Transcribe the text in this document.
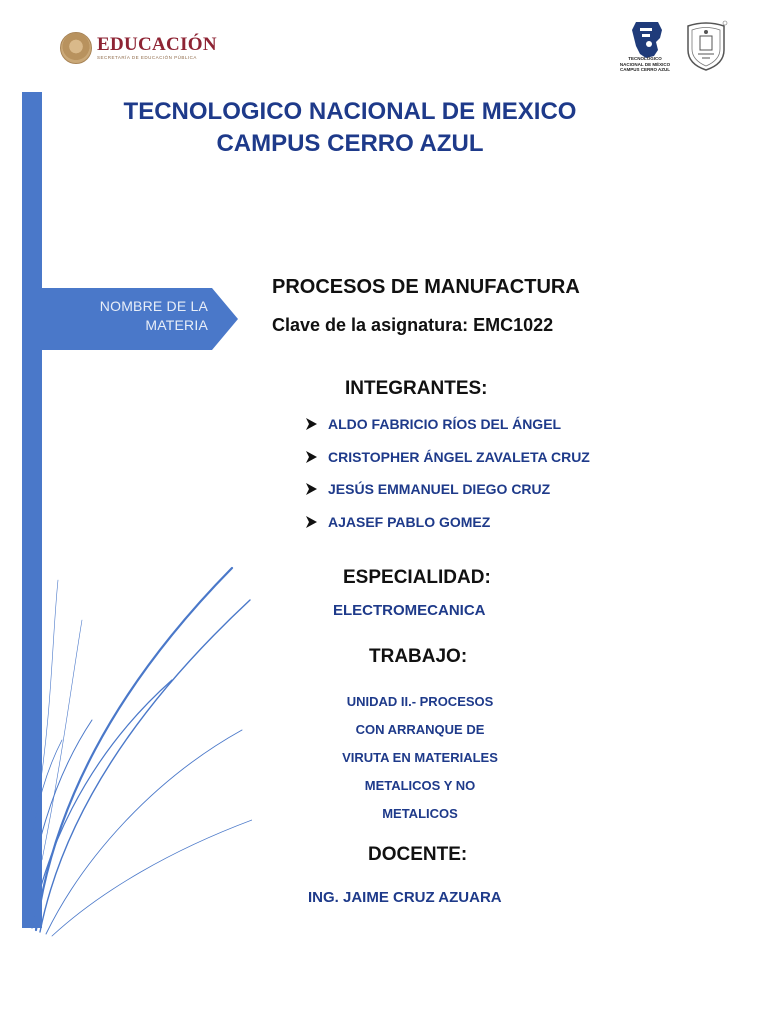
EDUCACIÓN
SECRETARÍA DE EDUCACIÓN PÚBLICA	TECNOLÓGICO
NACIONAL DE MÉXICO
CAMPUS CERRO AZUL
NOMBRE DE LA
MATERIA
TECNOLOGICO NACIONAL DE MEXICO
CAMPUS CERRO AZUL
PROCESOS DE MANUFACTURA
Clave de la asignatura: EMC1022
INTEGRANTES:
ALDO FABRICIO RÍOS DEL ÁNGEL
CRISTOPHER ÁNGEL ZAVALETA CRUZ
JESÚS EMMANUEL DIEGO CRUZ
AJASEF PABLO GOMEZ
ESPECIALIDAD:
ELECTROMECANICA
TRABAJO:
UNIDAD II.- PROCESOS
CON ARRANQUE DE
VIRUTA EN MATERIALES
METALICOS Y NO
METALICOS
DOCENTE:
ING. JAIME CRUZ AZUARA
